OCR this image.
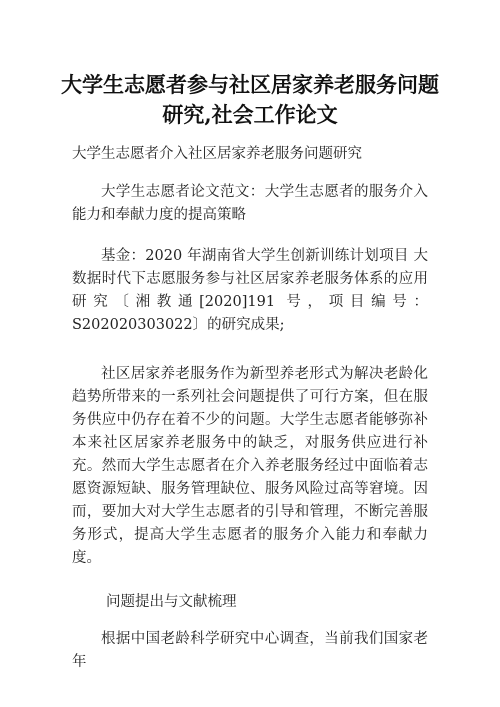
大学生志愿者参与社区居家养老服务问题
研究,社会工作论文
大学生志愿者介入社区居家养老服务问题研究

大学生志愿者论文范文：大学生志愿者的服务介入能力和奉献力度的提高策略

基金：2020 年湖南省大学生创新训练计划项目 大数据时代下志愿服务参与社区居家养老服务体系的应用研究〔湘教通[2020]191 号，项目编号：S202020303022〕的研究成果;

社区居家养老服务作为新型养老形式为解决老龄化趋势所带来的一系列社会问题提供了可行方案，但在服务供应中仍存在着不少的问题。大学生志愿者能够弥补本来社区居家养老服务中的缺乏，对服务供应进行补充。然而大学生志愿者在介入养老服务经过中面临着志愿资源短缺、服务管理缺位、服务风险过高等窘境。因而，要加大对大学生志愿者的引导和管理，不断完善服务形式，提高大学生志愿者的服务介入能力和奉献力度。

问题提出与文献梳理

根据中国老龄科学研究中心调查，当前我们国家老年
